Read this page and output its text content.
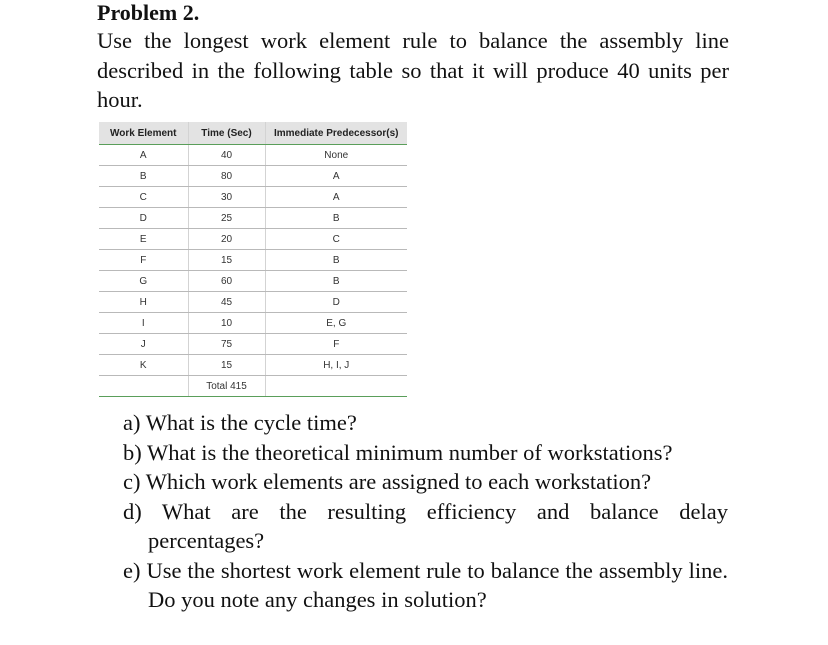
Problem 2.

Use the longest work element rule to balance the assembly line described in the following table so that it will produce 40 units per hour.

Work Element	Time (Sec)	Immediate Predecessor(s)
A	40	None
B	80	A
C	30	A
D	25	B
E	20	C
F	15	B
G	60	B
H	45	D
I	10	E, G
J	75	F
K	15	H, I, J
	Total 415	
a) What is the cycle time?
b) What is the theoretical minimum number of workstations?
c) Which work elements are assigned to each workstation?
d) What are the resulting efficiency and balance delay percentages?
e) Use the shortest work element rule to balance the assembly line. Do you note any changes in solution?
